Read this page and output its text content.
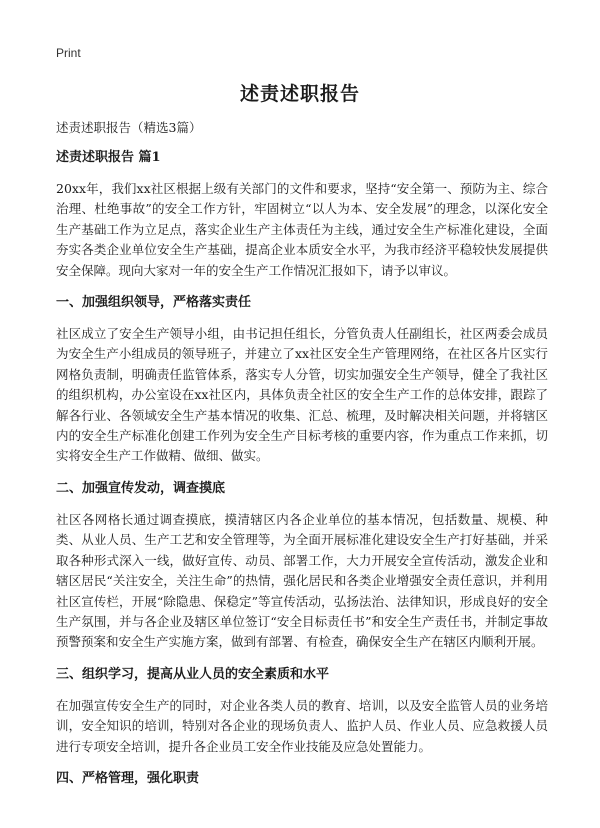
Print
述责述职报告

述责述职报告（精选3篇）

述责述职报告 篇1

20xx年，我们xx社区根据上级有关部门的文件和要求，坚持“安全第一、预防为主、综合治理、杜绝事故”的安全工作方针，牢固树立“以人为本、安全发展”的理念，以深化安全生产基础工作为立足点，落实企业生产主体责任为主线，通过安全生产标准化建设，全面夯实各类企业单位安全生产基础，提高企业本质安全水平，为我市经济平稳较快发展提供安全保障。现向大家对一年的安全生产工作情况汇报如下，请予以审议。

一、加强组织领导，严格落实责任

社区成立了安全生产领导小组，由书记担任组长，分管负责人任副组长，社区两委会成员为安全生产小组成员的领导班子，并建立了xx社区安全生产管理网络，在社区各片区实行网格负责制，明确责任监管体系，落实专人分管，切实加强安全生产领导，健全了我社区的组织机构，办公室设在xx社区内，具体负责全社区的安全生产工作的总体安排，跟踪了解各行业、各领域安全生产基本情况的收集、汇总、梳理，及时解决相关问题，并将辖区内的安全生产标准化创建工作列为安全生产目标考核的重要内容，作为重点工作来抓，切实将安全生产工作做精、做细、做实。

二、加强宣传发动，调查摸底

社区各网格长通过调查摸底，摸清辖区内各企业单位的基本情况，包括数量、规模、种类、从业人员、生产工艺和安全管理等，为全面开展标准化建设安全生产打好基础，并采取各种形式深入一线，做好宣传、动员、部署工作，大力开展安全宣传活动，激发企业和辖区居民“关注安全，关注生命”的热情，强化居民和各类企业增强安全责任意识，并利用社区宣传栏，开展“除隐患、保稳定”等宣传活动，弘扬法治、法律知识，形成良好的安全生产氛围，并与各企业及辖区单位签订“安全目标责任书”和安全生产责任书，并制定事故预警预案和安全生产实施方案，做到有部署、有检查，确保安全生产在辖区内顺利开展。

三、组织学习，提高从业人员的安全素质和水平

在加强宣传安全生产的同时，对企业各类人员的教育、培训，以及安全监管人员的业务培训，安全知识的培训，特别对各企业的现场负责人、监护人员、作业人员、应急救援人员进行专项安全培训，提升各企业员工安全作业技能及应急处置能力。

四、严格管理，强化职责
